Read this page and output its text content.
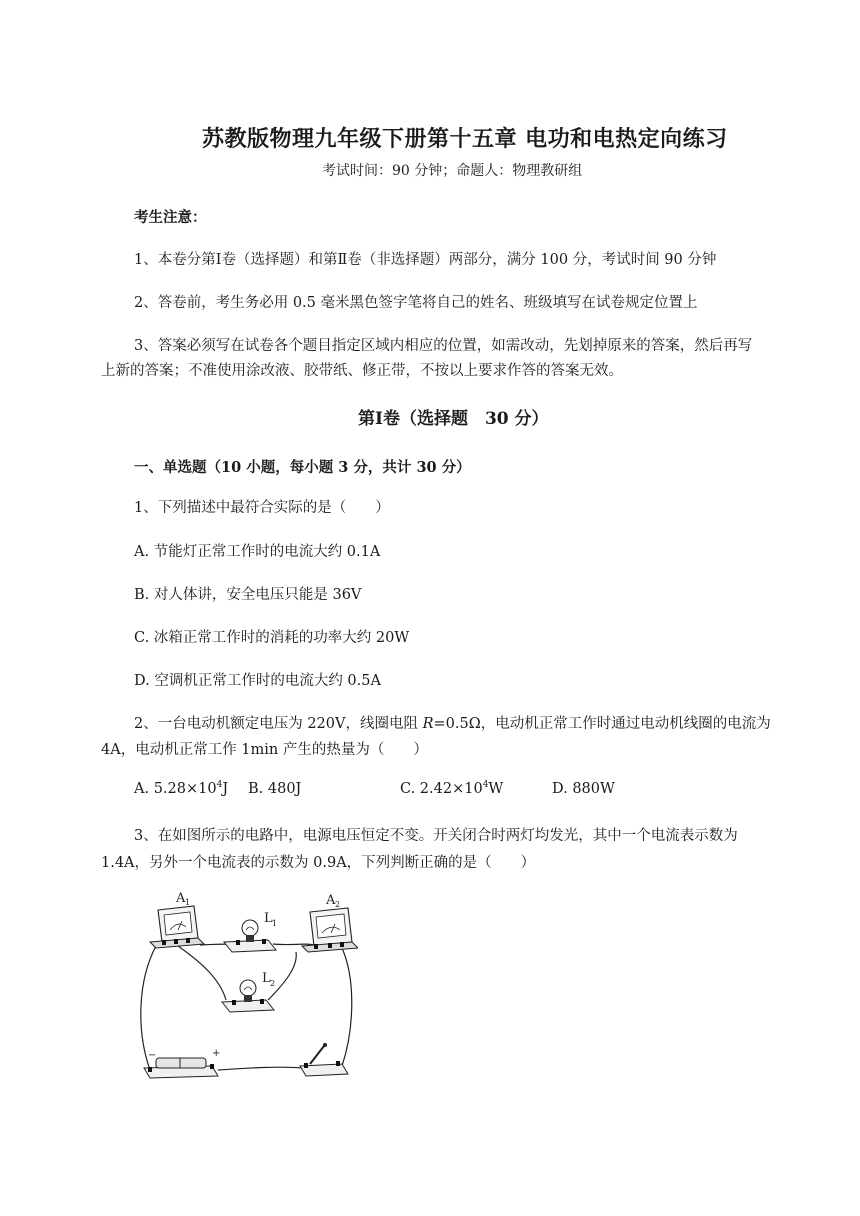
苏教版物理九年级下册第十五章 电功和电热定向练习
考试时间：90 分钟；命题人：物理教研组
考生注意：
1、本卷分第Ⅰ卷（选择题）和第Ⅱ卷（非选择题）两部分，满分 100 分，考试时间 90 分钟
2、答卷前，考生务必用 0.5 毫米黑色签字笔将自己的姓名、班级填写在试卷规定位置上
3、答案必须写在试卷各个题目指定区域内相应的位置，如需改动，先划掉原来的答案，然后再写
上新的答案；不准使用涂改液、胶带纸、修正带，不按以上要求作答的答案无效。
第Ⅰ卷（选择题　30 分）
一、单选题（10 小题，每小题 3 分，共计 30 分）
1、下列描述中最符合实际的是（　　）
A. 节能灯正常工作时的电流大约 0.1A
B. 对人体讲，安全电压只能是 36V
C. 冰箱正常工作时的消耗的功率大约 20W
D. 空调机正常工作时的电流大约 0.5A
2、一台电动机额定电压为 220V，线圈电阻 R=0.5Ω，电动机正常工作时通过电动机线圈的电流为
4A，电动机正常工作 1min 产生的热量为（　　）
A. $5.28\times 10^4J$ B. 480J	C. $2.42\times 10^4W$	D. 880W
3、在如图所示的电路中，电源电压恒定不变。开关闭合时两灯均发光，其中一个电流表示数为
1.4A，另外一个电流表的示数为 0.9A，下列判断正确的是（　　）
A 1
L 1
A 2
L 2
−	+
